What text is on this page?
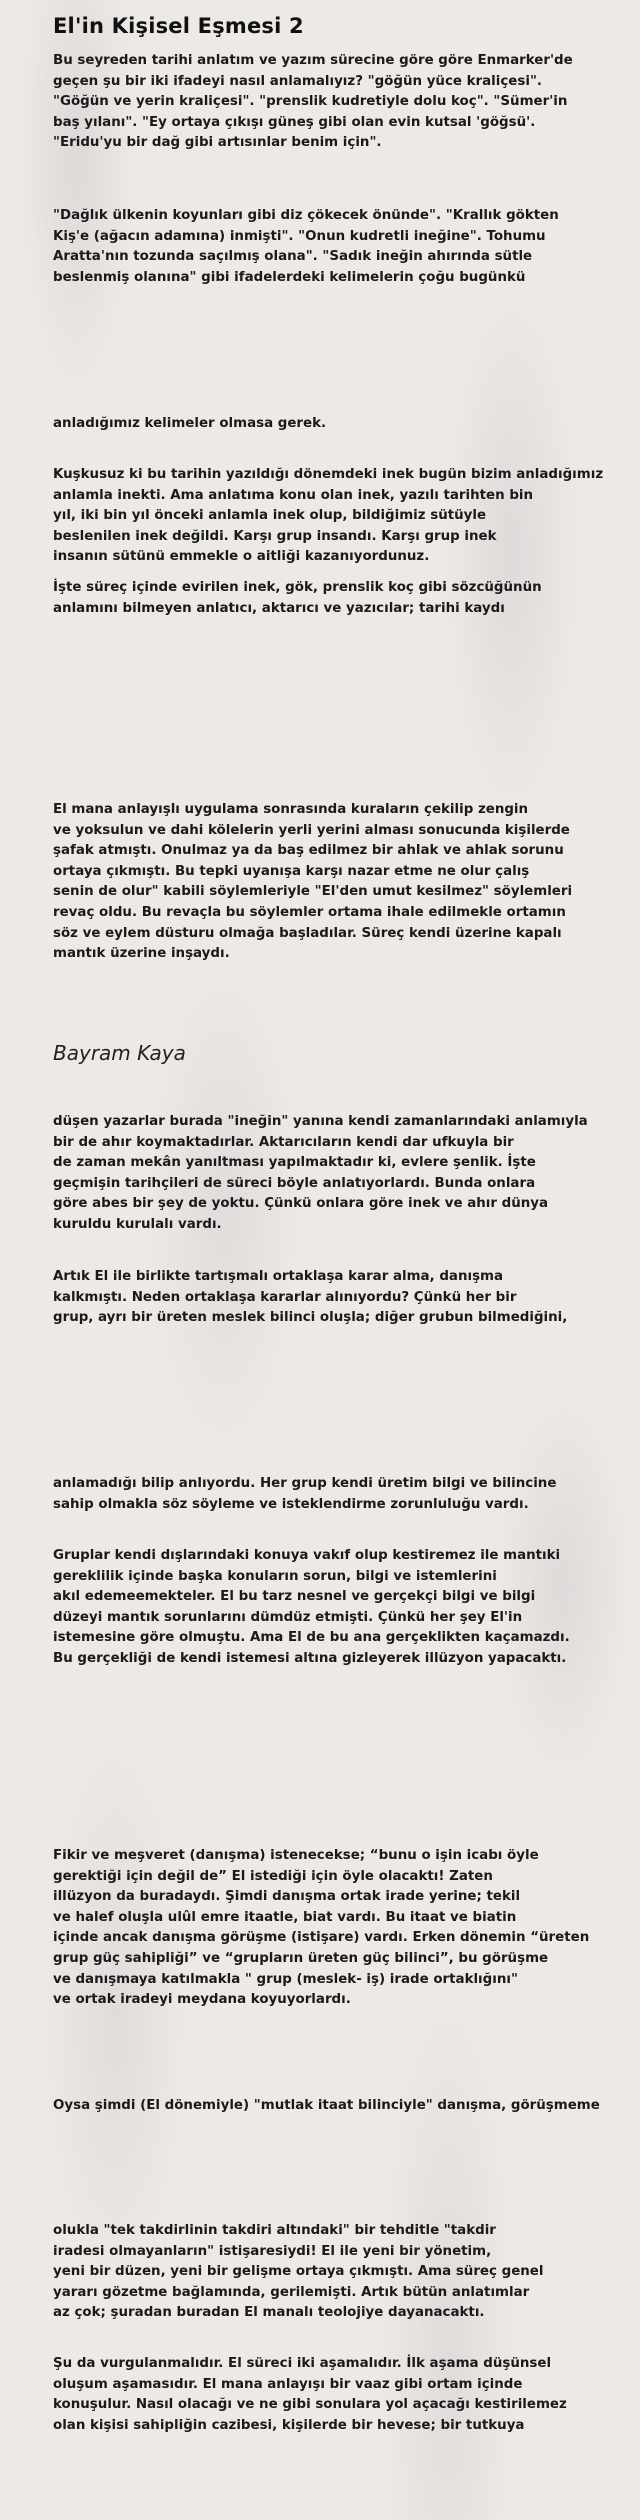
El'in Kişisel Eşmesi 2
Bu seyreden tarihi anlatım ve yazım sürecine göre göre Enmarker'de
geçen şu bir iki ifadeyi nasıl anlamalıyız? "göğün yüce kraliçesi".
"Göğün ve yerin kraliçesi". "prenslik kudretiyle dolu koç". "Sümer'in
baş yılanı". "Ey ortaya çıkışı güneş gibi olan evin kutsal 'göğsü'.
"Eridu'yu bir dağ gibi artısınlar benim için".
"Dağlık ülkenin koyunları gibi diz çökecek önünde". "Krallık gökten
Kiş'e (ağacın adamına) inmişti". "Onun kudretli ineğine". Tohumu
Aratta'nın tozunda saçılmış olana". "Sadık ineğin ahırında sütle
beslenmiş olanına" gibi ifadelerdeki kelimelerin çoğu bugünkü
anladığımız kelimeler olmasa gerek.
Kuşkusuz ki bu tarihin yazıldığı dönemdeki inek bugün bizim anladığımız
anlamla inekti. Ama anlatıma konu olan inek, yazılı tarihten bin
yıl, iki bin yıl önceki anlamla inek olup, bildiğimiz sütüyle
beslenilen inek değildi. Karşı grup insandı. Karşı grup inek
insanın sütünü emmekle o aitliği kazanıyordunuz.
İşte süreç içinde evirilen inek, gök, prenslik koç gibi sözcüğünün
anlamını bilmeyen anlatıcı, aktarıcı ve yazıcılar; tarihi kaydı
El mana anlayışlı uygulama sonrasında kuraların çekilip zengin
ve yoksulun ve dahi kölelerin yerli yerini alması sonucunda kişilerde
şafak atmıştı. Onulmaz ya da baş edilmez bir ahlak ve ahlak sorunu
ortaya çıkmıştı. Bu tepki uyanışa karşı nazar etme ne olur çalış
senin de olur" kabili söylemleriyle "El'den umut kesilmez" söylemleri
revaç oldu. Bu revaçla bu söylemler ortama ihale edilmekle ortamın
söz ve eylem düsturu olmağa başladılar. Süreç kendi üzerine kapalı
mantık üzerine inşaydı.
Bayram Kaya
düşen yazarlar burada "ineğin" yanına kendi zamanlarındaki anlamıyla
bir de ahır koymaktadırlar. Aktarıcıların kendi dar ufkuyla bir
de zaman mekân yanıltması yapılmaktadır ki, evlere şenlik. İşte
geçmişin tarihçileri de süreci böyle anlatıyorlardı. Bunda onlara
göre abes bir şey de yoktu. Çünkü onlara göre inek ve ahır dünya
kuruldu kurulalı vardı.
Artık El ile birlikte tartışmalı ortaklaşa karar alma, danışma
kalkmıştı. Neden ortaklaşa kararlar alınıyordu? Çünkü her bir
grup, ayrı bir üreten meslek bilinci oluşla; diğer grubun bilmediğini,
anlamadığı bilip anlıyordu. Her grup kendi üretim bilgi ve bilincine
sahip olmakla söz söyleme ve isteklendirme zorunluluğu vardı.
Gruplar kendi dışlarındaki konuya vakıf olup kestiremez ile mantıki
gereklilik içinde başka konuların sorun, bilgi ve istemlerini
akıl edemeemekteler. El bu tarz nesnel ve gerçekçi bilgi ve bilgi
düzeyi mantık sorunlarını dümdüz etmişti. Çünkü her şey El'in
istemesine göre olmuştu. Ama El de bu ana gerçeklikten kaçamazdı.
Bu gerçekliği de kendi istemesi altına gizleyerek illüzyon yapacaktı.
Fikir ve meşveret (danışma) istenecekse; “bunu o işin icabı öyle
gerektiği için değil de” El istediği için öyle olacaktı! Zaten
illüzyon da buradaydı. Şimdi danışma ortak irade yerine; tekil
ve halef oluşla ulûl emre itaatle, biat vardı. Bu itaat ve biatin
içinde ancak danışma görüşme (istişare) vardı. Erken dönemin “üreten
grup güç sahipliği” ve “grupların üreten güç bilinci”, bu görüşme
ve danışmaya katılmakla " grup (meslek- iş) irade ortaklığını"
ve ortak iradeyi meydana koyuyorlardı.
Oysa şimdi (El dönemiyle) "mutlak itaat bilinciyle" danışma, görüşmeme
olukla "tek takdirlinin takdiri altındaki" bir tehditle "takdir
iradesi olmayanların" istişaresiydi! El ile yeni bir yönetim,
yeni bir düzen, yeni bir gelişme ortaya çıkmıştı. Ama süreç genel
yararı gözetme bağlamında, gerilemişti. Artık bütün anlatımlar
az çok; şuradan buradan El manalı teolojiye dayanacaktı.
Şu da vurgulanmalıdır. El süreci iki aşamalıdır. İlk aşama düşünsel
oluşum aşamasıdır. El mana anlayışı bir vaaz gibi ortam içinde
konuşulur. Nasıl olacağı ve ne gibi sonulara yol açacağı kestirilemez
olan kişisi sahipliğin cazibesi, kişilerde bir hevese; bir tutkuya
